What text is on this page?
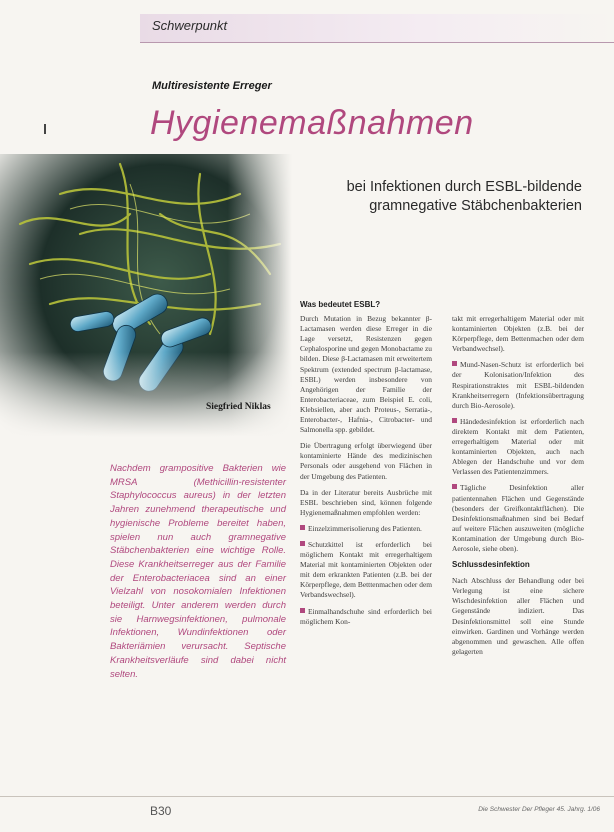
Schwerpunkt
Multiresistente Erreger
Hygienemaßnahmen
bei Infektionen durch ESBL-bildende gramnegative Stäbchenbakterien
Siegfried Niklas
Nachdem grampositive Bakterien wie MRSA (Methicillin-resistenter Staphylococcus aureus) in der letzten Jahren zunehmend therapeutische und hygienische Probleme bereitet haben, spielen nun auch gramnegative Stäbchenbakterien eine wichtige Rolle. Diese Krankheitserreger aus der Familie der Enterobacteriacea sind an einer Vielzahl von nosokomialen Infektionen beteiligt. Unter anderem werden durch sie Harnwegsinfektionen, pulmonale Infektionen, Wundinfektionen oder Bakteriämien verursacht. Septische Krankheitsverläufe sind dabei nicht selten.
Was bedeutet ESBL?

Durch Mutation in Bezug bekannter β-Lactamasen werden diese Erreger in die Lage versetzt, Resistenzen gegen Cephalosporine und gegen Monobactame zu bilden. Diese β-Lactamasen mit erweitertem Spektrum (extended spectrum β-lactamase, ESBL) werden insbesondere von Angehörigen der Familie der Enterobacteriaceae, zum Beispiel E. coli, Klebsiellen, aber auch Proteus-, Serratia-, Enterobacter-, Hafnia-, Citrobacter- und Salmonella spp. gebildet.

Die Übertragung erfolgt überwiegend über kontaminierte Hände des medizinischen Personals oder ausgehend von Flächen in der Umgebung des Patienten.

Da in der Literatur bereits Ausbrüche mit ESBL beschrieben sind, können folgende Hygienemaßnahmen empfohlen werden:

Einzelzimmerisolierung des Patienten.

Schutzkittel ist erforderlich bei möglichem Kontakt mit erregerhaltigem Material mit kontaminierten Objekten oder mit dem erkrankten Patienten (z.B. bei der Körperpflege, dem Betttenmachen oder dem Verbandswechsel).

Einmalhandschuhe sind erforderlich bei möglichem Kon-

takt mit erregerhaltigem Material oder mit kontaminierten Objekten (z.B. bei der Körperpflege, dem Bettenmachen oder dem Verbandwechsel).

Mund-Nasen-Schutz ist erforderlich bei der Kolonisation/Infektion des Respirationstraktes mit ESBL-bildenden Krankheitserregern (Infektionsübertragung durch Bio-Aerosole).

Händedesinfektion ist erforderlich nach direktem Kontakt mit dem Patienten, erregerhaltigem Material oder mit kontaminierten Objekten, auch nach Ablegen der Handschuhe und vor dem Verlassen des Patientenzimmers.

Tägliche Desinfektion aller patientennahen Flächen und Gegenstände (besonders der Greifkontaktflächen). Die Desinfektionsmaßnahmen sind bei Bedarf auf weitere Flächen auszuweiten (mögliche Kontamination der Umgebung durch Bio-Aerosole, siehe oben).

Schlussdesinfektion

Nach Abschluss der Behandlung oder bei Verlegung ist eine sichere Wischdesinfektion aller Flächen und Gegenstände indiziert. Das Desinfektionsmittel soll eine Stunde einwirken. Gardinen und Vorhänge werden abgenommen und gewaschen. Alle offen gelagerten

B30	Die Schwester Der Pfleger 45. Jahrg. 1/06
